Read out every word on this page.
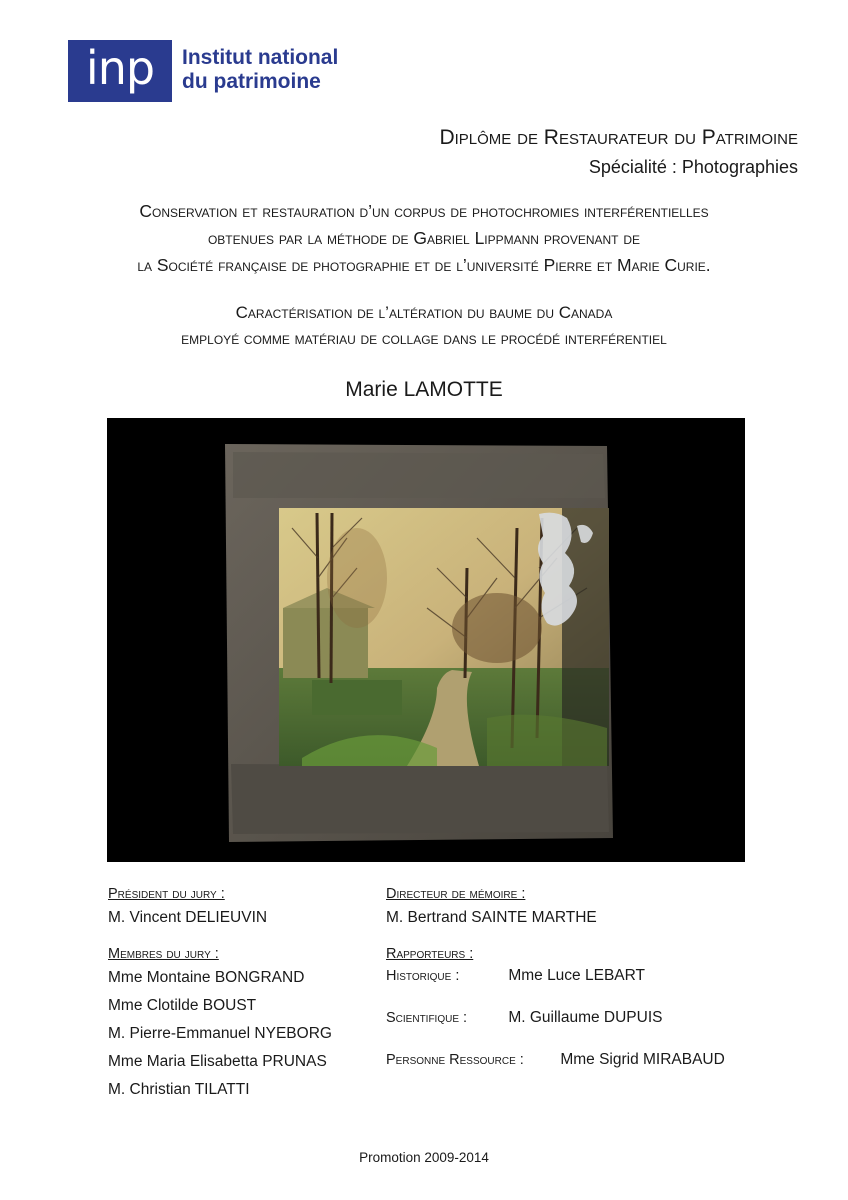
inp	Institut national
du patrimoine
Diplôme de Restaurateur du Patrimoine
Spécialité : Photographies
Conservation et restauration d’un corpus de photochromies interférentielles
obtenues par la méthode de Gabriel Lippmann provenant de
la Société française de photographie et de l’université Pierre et Marie Curie.
Caractérisation de l’altération du baume du Canada
employé comme matériau de collage dans le procédé interférentiel
Marie LAMOTTE
Président du jury :
M. Vincent DELIEUVIN
Membres du jury :
Mme Montaine BONGRAND
Mme Clotilde BOUST
M. Pierre-Emmanuel NYEBORG
Mme Maria Elisabetta PRUNAS
M. Christian TILATTI
Directeur de mémoire :
M. Bertrand SAINTE MARTHE
Rapporteurs :
Historique :	Mme Luce LEBART
Scientifique :	M. Guillaume DUPUIS
Personne Ressource : Mme Sigrid MIRABAUD
Promotion 2009-2014
